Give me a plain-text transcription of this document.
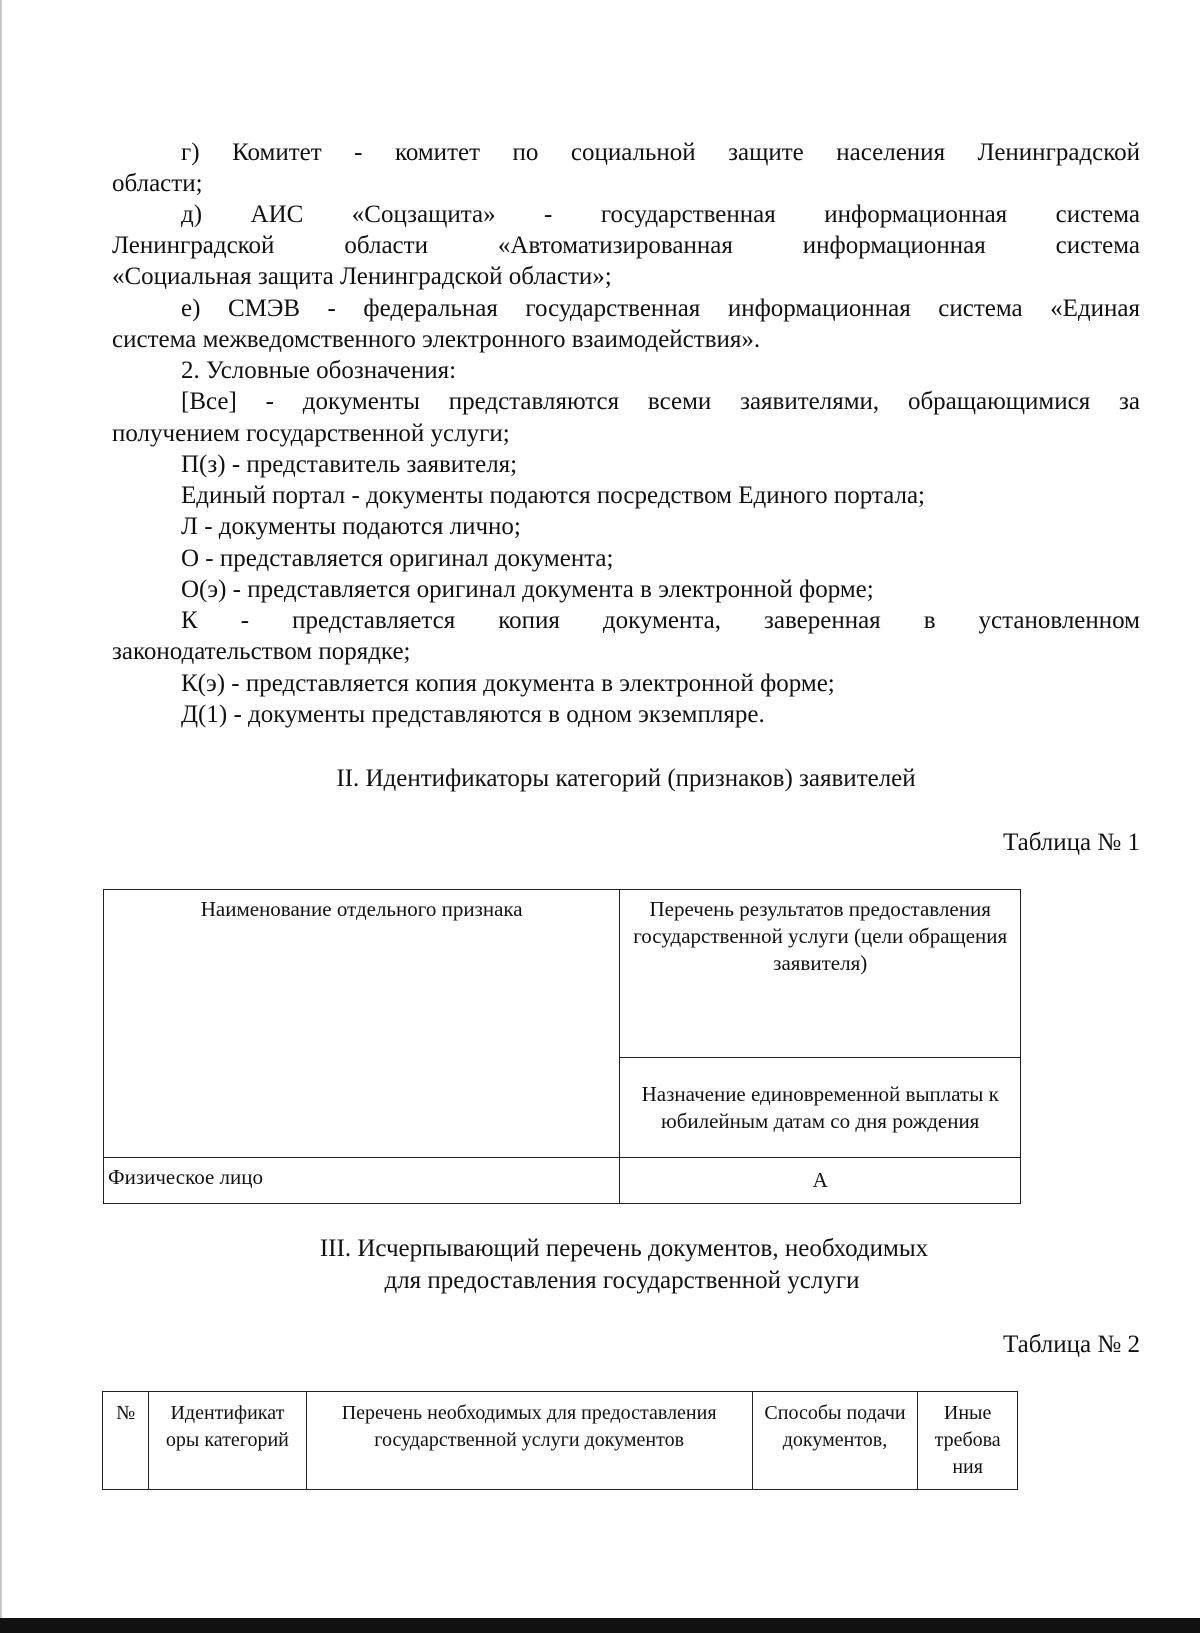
г) Комитет - комитет по социальной защите населения Ленинградской
области;
д) АИС «Соцзащита» - государственная информационная система
Ленинградской области «Автоматизированная информационная система
«Социальная защита Ленинградской области»;
е) СМЭВ - федеральная государственная информационная система «Единая
система межведомственного электронного взаимодействия».
2. Условные обозначения:
[Все] - документы представляются всеми заявителями, обращающимися за
получением государственной услуги;
П(з) - представитель заявителя;
Единый портал - документы подаются посредством Единого портала;
Л - документы подаются лично;
О - представляется оригинал документа;
О(э) - представляется оригинал документа в электронной форме;
К - представляется копия документа, заверенная в установленном
законодательством порядке;
К(э) - представляется копия документа в электронной форме;
Д(1) - документы представляются в одном экземпляре.
II. Идентификаторы категорий (признаков) заявителей
Таблица № 1
Наименование отдельного признака	Перечень результатов предоставления государственной услуги (цели обращения заявителя)
	Назначение единовременной выплаты к юбилейным датам со дня рождения
Физическое лицо	А
III. Исчерпывающий перечень документов, необходимых
для предоставления государственной услуги
Таблица № 2
№	Идентификат оры категорий	Перечень необходимых для предоставления государственной услуги документов	Способы подачи документов,	Иные требова ния
